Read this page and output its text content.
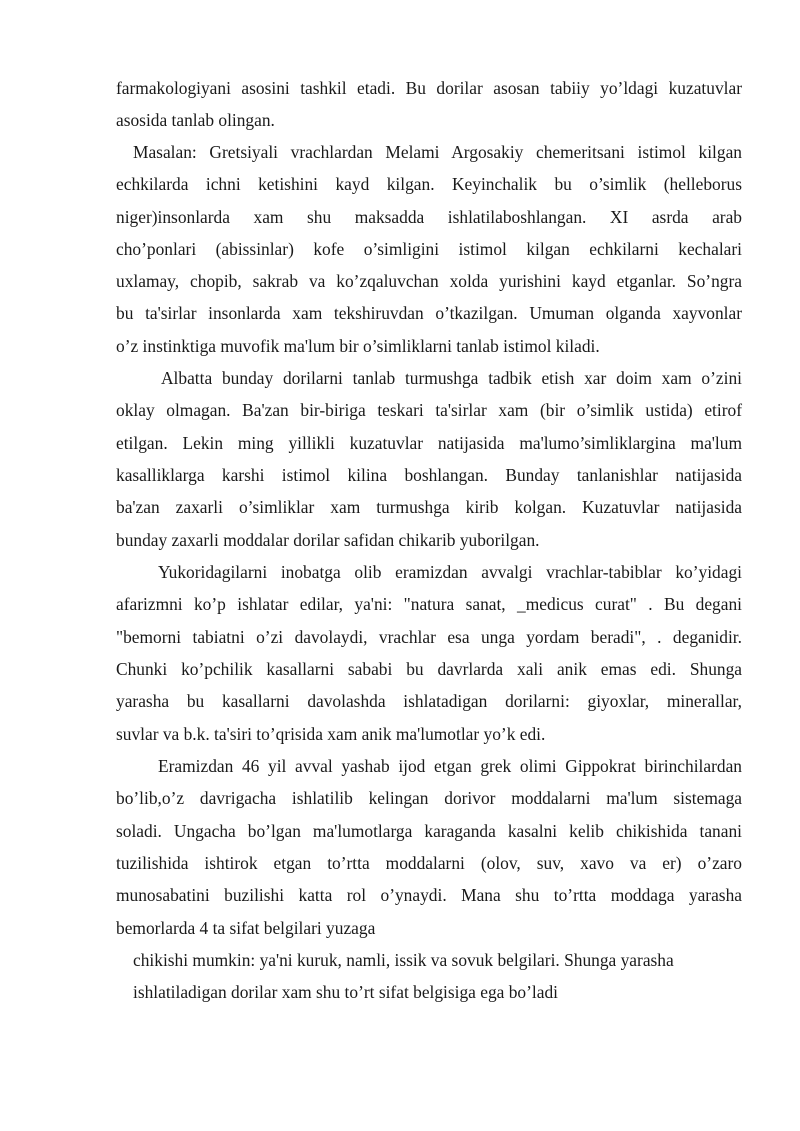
farmakologiyani asosini tashkil etadi. Bu dorilar asosan tabiiy yo’ldagi kuzatuvlar
asosida tanlab olingan.
Masalan: Gretsiyali vrachlardan Melami Argosakiy chemeritsani istimol kilgan
echkilarda ichni ketishini kayd kilgan. Keyinchalik bu o’simlik (helleborus
niger)insonlarda xam shu maksadda ishlatilaboshlangan. XI asrda arab
cho’ponlari (abissinlar) kofe o’simligini istimol kilgan echkilarni kechalari
uxlamay, chopib, sakrab va ko’zqaluvchan xolda yurishini kayd etganlar. So’ngra
bu ta'sirlar insonlarda xam tekshiruvdan o’tkazilgan. Umuman olganda xayvonlar
o’z instinktiga muvofik ma'lum bir o’simliklarni tanlab istimol kiladi.
Albatta bunday dorilarni tanlab turmushga tadbik etish xar doim xam o’zini
oklay olmagan. Ba'zan bir-biriga teskari ta'sirlar xam (bir o’simlik ustida) etirof
etilgan. Lekin ming yillikli kuzatuvlar natijasida ma'lumo’simliklargina ma'lum
kasalliklarga karshi istimol kilina boshlangan. Bunday tanlanishlar natijasida
ba'zan zaxarli o’simliklar xam turmushga kirib kolgan. Kuzatuvlar natijasida
bunday zaxarli moddalar dorilar safidan chikarib yuborilgan.
Yukoridagilarni inobatga olib eramizdan avvalgi vrachlar-tabiblar ko’yidagi
afarizmni ko’p ishlatar edilar, ya'ni: "natura sanat, _medicus curat" . Bu degani
"bemorni tabiatni o’zi davolaydi, vrachlar esa unga yordam beradi", . deganidir.
Chunki ko’pchilik kasallarni sababi bu davrlarda xali anik emas edi. Shunga
yarasha bu kasallarni davolashda ishlatadigan dorilarni: giyoxlar, minerallar,
suvlar va b.k. ta'siri to’qrisida xam anik ma'lumotlar yo’k edi.
Eramizdan 46 yil avval yashab ijod etgan grek olimi Gippokrat birinchilardan
bo’lib,o’z davrigacha ishlatilib kelingan dorivor moddalarni ma'lum sistemaga
soladi. Ungacha bo’lgan ma'lumotlarga karaganda kasalni kelib chikishida tanani
tuzilishida ishtirok etgan to’rtta moddalarni (olov, suv, xavo va er) o’zaro
munosabatini buzilishi katta rol o’ynaydi. Mana shu to’rtta moddaga yarasha
bemorlarda 4 ta sifat belgilari yuzaga
chikishi mumkin: ya'ni kuruk, namli, issik va sovuk belgilari. Shunga yarasha
ishlatiladigan dorilar xam shu to’rt sifat belgisiga ega bo’ladi
